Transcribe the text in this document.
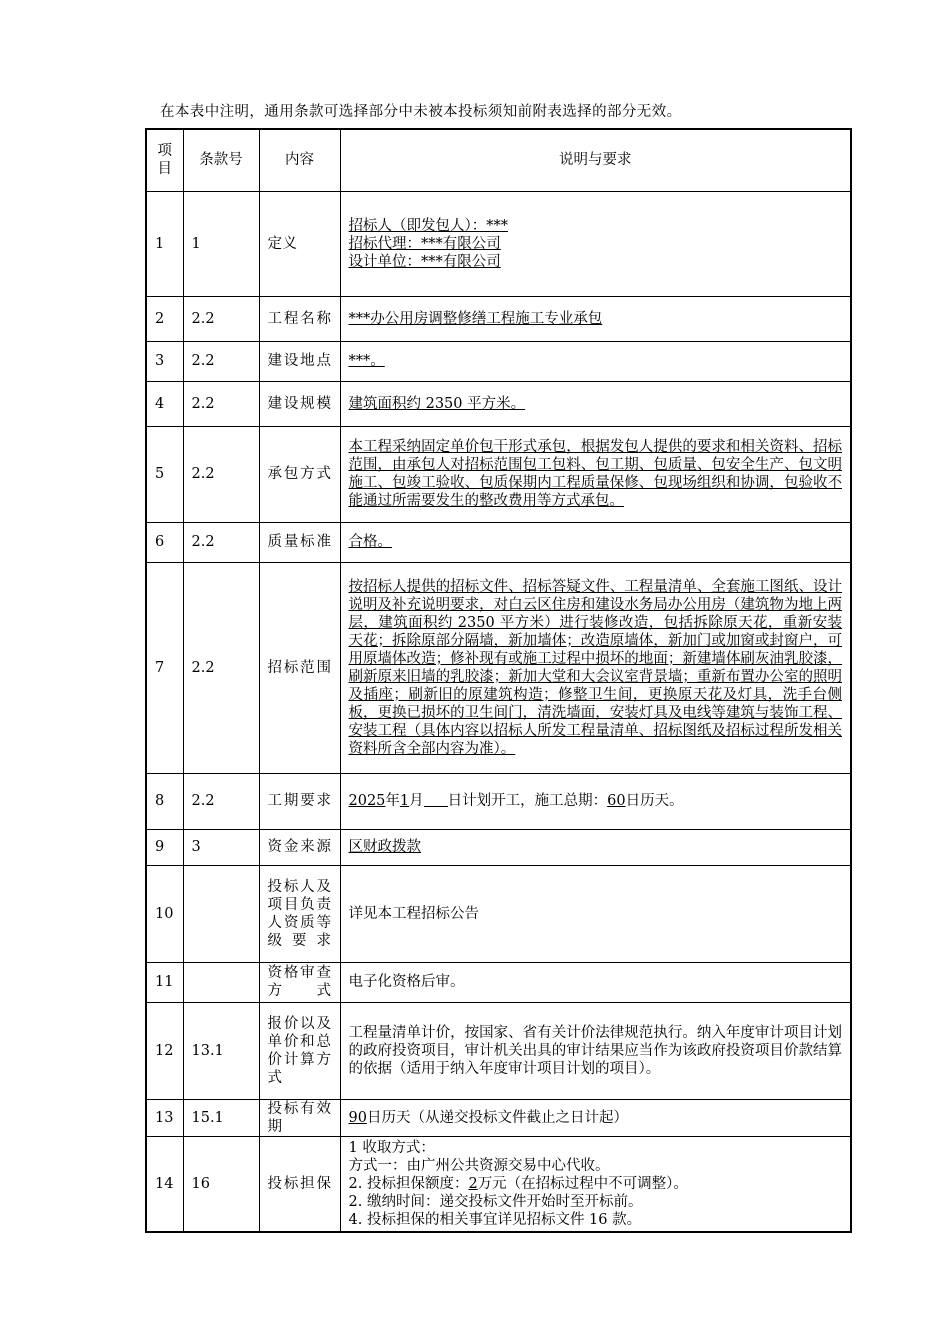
在本表中注明，通用条款可选择部分中未被本投标须知前附表选择的部分无效。
项目	条款号	内容	说明与要求
1	1	定义	招标人（即发包人）：***
招标代理：***有限公司
设计单位：***有限公司

2	2.2	工程名称	***办公用房调整修缮工程施工专业承包
3	2.2	建设地点	***。
4	2.2	建设规模	建筑面积约 2350 平方米。
5	2.2	承包方式	本工程采纳固定单价包干形式承包，根据发包人提供的要求和相关资料、招标范围，由承包人对招标范围包工包料、包工期、包质量、包安全生产、包文明施工、包竣工验收、包质保期内工程质量保修、包现场组织和协调，包验收不能通过所需要发生的整改费用等方式承包。
6	2.2	质量标准	合格。
7	2.2	招标范围	按招标人提供的招标文件、招标答疑文件、工程量清单、全套施工图纸、设计说明及补充说明要求，对白云区住房和建设水务局办公用房（建筑物为地上两层，建筑面积约 2350 平方米）进行装修改造，包括拆除原天花，重新安装天花；拆除原部分隔墙，新加墙体；改造原墙体，新加门或加窗或封窗户，可用原墙体改造；修补现有或施工过程中损坏的地面；新建墙体刷灰油乳胶漆，刷新原来旧墙的乳胶漆；新加大堂和大会议室背景墙；重新布置办公室的照明及插座；刷新旧的原建筑构造；修整卫生间，更换原天花及灯具，洗手台侧板，更换已损坏的卫生间门，清洗墙面，安装灯具及电线等建筑与装饰工程、安装工程（具体内容以招标人所发工程量清单、招标图纸及招标过程所发相关资料所含全部内容为准）。
8	2.2	工期要求	2025年1月 日计划开工，施工总期：60日历天。
9	3	资金来源	区财政拨款
10		投标人及项目负责人资质等级要求	详见本工程招标公告
11		资格审查方式	电子化资格后审。
12	13.1	报价以及单价和总价计算方式	工程量清单计价，按国家、省有关计价法律规范执行。纳入年度审计项目计划的政府投资项目，审计机关出具的审计结果应当作为该政府投资项目价款结算的依据（适用于纳入年度审计项目计划的项目）。
13	15.1	投标有效期	90日历天（从递交投标文件截止之日计起）
14	16	投标担保	1 收取方式：
方式一：由广州公共资源交易中心代收。
2. 投标担保额度：2万元（在招标过程中不可调整）。
2. 缴纳时间：递交投标文件开始时至开标前。
4. 投标担保的相关事宜详见招标文件 16 款。
